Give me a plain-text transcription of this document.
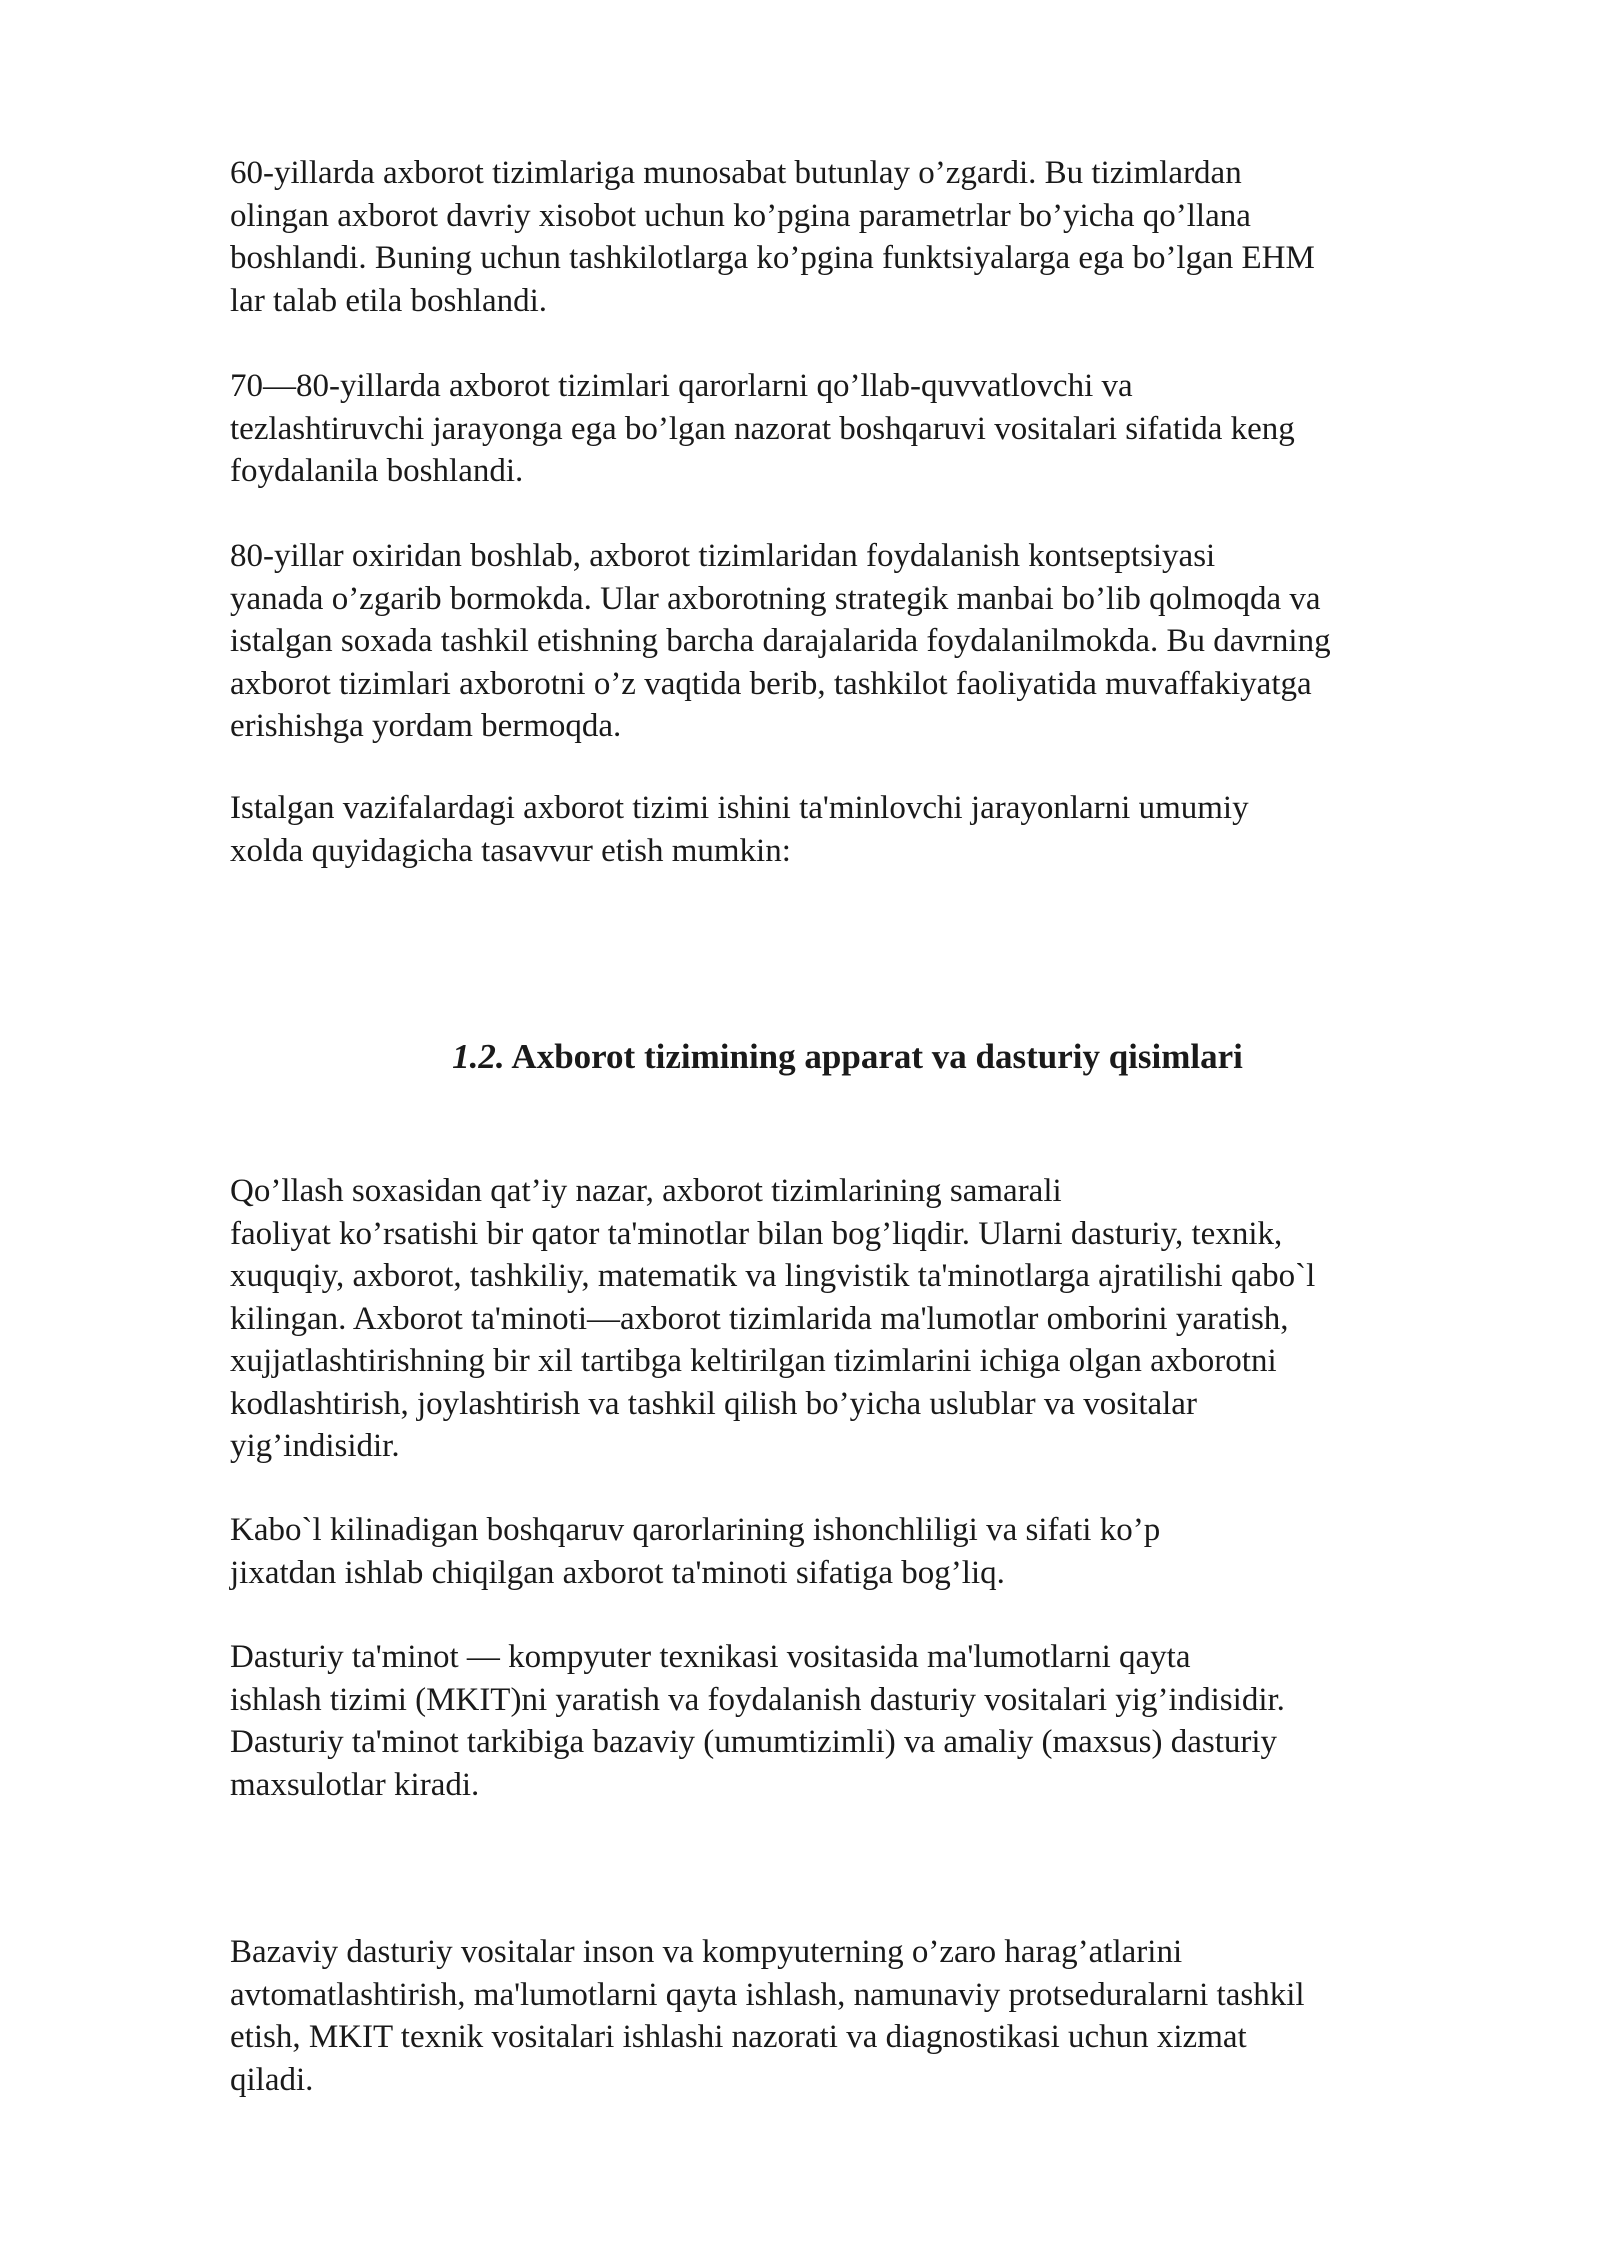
60-yillarda axborot tizimlariga munosabat butunlay o’zgardi. Bu tizimlardan
olingan axborot davriy xisobot uchun ko’pgina parametrlar bo’yicha qo’llana
boshlandi. Buning uchun tashkilotlarga ko’pgina funktsiyalarga ega bo’lgan EHM
lar talab etila boshlandi.

70—80-yillarda axborot tizimlari qarorlarni qo’llab-quvvatlovchi va
tezlashtiruvchi jarayonga ega bo’lgan nazorat boshqaruvi vositalari sifatida keng
foydalanila boshlandi.

80-yillar oxiridan boshlab, axborot tizimlaridan foydalanish kontseptsiyasi
yanada o’zgarib bormokda. Ular axborotning strategik manbai bo’lib qolmoqda va
istalgan soxada tashkil etishning barcha darajalarida foydalanilmokda. Bu davrning
axborot tizimlari axborotni o’z vaqtida berib, tashkilot faoliyatida muvaffakiyatga
erishishga yordam bermoqda.

Istalgan vazifalardagi axborot tizimi ishini ta'minlovchi jarayonlarni umumiy
xolda quyidagicha tasavvur etish mumkin:

1.2. Axborot tizimining apparat va dasturiy qisimlari

Qo’llash soxasidan qat’iy nazar, axborot tizimlarining samarali
faoliyat ko’rsatishi bir qator ta'minotlar bilan bog’liqdir. Ularni dasturiy, texnik,
xuquqiy, axborot, tashkiliy, matematik va lingvistik ta'minotlarga ajratilishi qabo`l
kilingan. Axborot ta'minoti—axborot tizimlarida ma'lumotlar omborini yaratish,
xujjatlashtirishning bir xil tartibga keltirilgan tizimlarini ichiga olgan axborotni
kodlashtirish, joylashtirish va tashkil qilish bo’yicha uslublar va vositalar
yig’indisidir.

Kabo`l kilinadigan boshqaruv qarorlarining ishonchliligi va sifati ko’p
jixatdan ishlab chiqilgan axborot ta'minoti sifatiga bog’liq.

Dasturiy ta'minot — kompyuter texnikasi vositasida ma'lumotlarni qayta
ishlash tizimi (MKIT)ni yaratish va foydalanish dasturiy vositalari yig’indisidir.
Dasturiy ta'minot tarkibiga bazaviy (umumtizimli) va amaliy (maxsus) dasturiy
maxsulotlar kiradi.

Bazaviy dasturiy vositalar inson va kompyuterning o’zaro harag’atlarini
avtomatlashtirish, ma'lumotlarni qayta ishlash, namunaviy protseduralarni tashkil
etish, MKIT texnik vositalari ishlashi nazorati va diagnostikasi uchun xizmat
qiladi.
